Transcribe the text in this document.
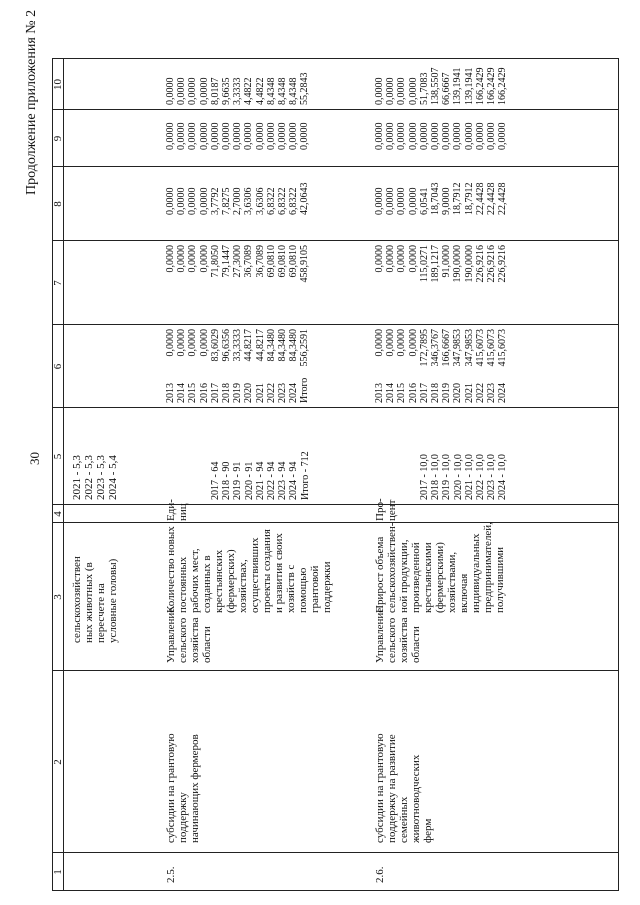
30
Продолжение приложения № 2
1
2
3
4
5
6
7
8
9
10
сельскохозяйствен ных животных (в пересчете на условные головы)
2021 - 5,3 2022 - 5,3 2023 - 5,3 2024 - 5,4
2.5.
субсидии на грантовую поддержку начинающих фермеров
Управление сельского хозяйства области
Количество новых постоянных рабочих мест, созданных в крестьянских (фермерских) хозяйствах, осуществивших проекты создания и развития своих хозяйств с помощью грантовой поддержки
Еди- ниц
2017 - 64 2018 - 90 2019 - 91 2020 - 91 2021 - 94 2022 - 94 2023 - 94 2024 - 94 Итого - 712
2013 2014 2015 2016 2017 2018 2019 2020 2021 2022 2023 2024 Итого
0,0000 0,0000 0,0000 0,0000 83,6029 96,6356 33,3333 44,8217 44,8217 84,3480 84,3480 84,3480 556,2591
0,0000 0,0000 0,0000 0,0000 71,8050 79,1447 27,3000 36,7089 36,7089 69,0810 69,0810 69,0810 458,9105
0,0000 0,0000 0,0000 0,0000 3,7792 7,8275 2,7000 3,6306 3,6306 6,8322 6,8322 6,8322 42,0643
0,0000 0,0000 0,0000 0,0000 0,0000 0,0000 0,0000 0,0000 0,0000 0,0000 0,0000 0,0000 0,0000
0,0000 0,0000 0,0000 0,0000 8,0187 9,6635 3,3333 4,4822 4,4822 8,4348 8,4348 8,4348 55,2843
2.6.
субсидии на грантовую поддержку на развитие семейных животноводческих ферм
Управление сельского хозяйства области
Прирост объема сельскохозяйствен- ной продукции, произведенной крестьянскими (фермерскими) хозяйствами, включая индивидуальных предпринимателей, получившими
Про- цент
2017 - 10,0 2018 - 10,0 2019 - 10,0 2020 - 10,0 2021 - 10,0 2022 - 10,0 2023 - 10,0 2024 - 10,0
2013 2014 2015 2016 2017 2018 2019 2020 2021 2022 2023 2024
0,0000 0,0000 0,0000 0,0000 172,7895 346,3767 166,6667 347,9853 347,9853 415,6073 415,6073 415,6073
0,0000 0,0000 0,0000 0,0000 115,0271 189,1217 91,0000 190,0000 190,0000 226,9216 226,9216 226,9216
0,0000 0,0000 0,0000 0,0000 6,0541 18,7043 9,0000 18,7912 18,7912 22,4428 22,4428 22,4428
0,0000 0,0000 0,0000 0,0000 0,0000 0,0000 0,0000 0,0000 0,0000 0,0000 0,0000 0,0000
0,0000 0,0000 0,0000 0,0000 51,7083 138,5507 66,6667 139,1941 139,1941 166,2429 166,2429 166,2429
